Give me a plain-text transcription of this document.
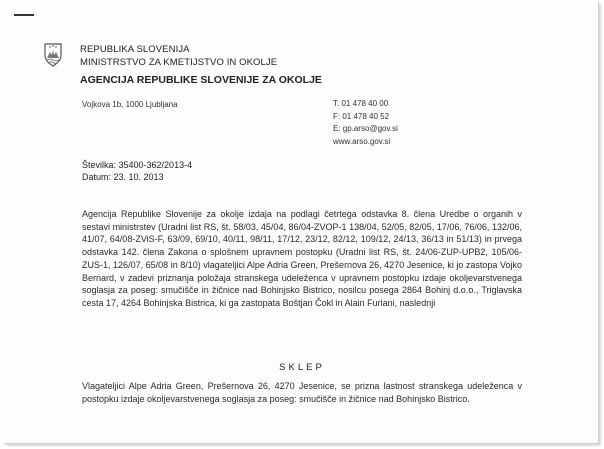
REPUBLIKA SLOVENIJA
MINISTRSTVO ZA KMETIJSTVO IN OKOLJE
AGENCIJA REPUBLIKE SLOVENIJE ZA OKOLJE
Vojkova 1b, 1000 Ljubljana	T: 01 478 40 00
F: 01 478 40 52
E: gp.arso@gov.si
www.arso.gov.si
Številka: 35400-362/2013-4
Datum: 23. 10. 2013
Agencija Republike Slovenije za okolje izdaja na podlagi četrtega odstavka 8. člena Uredbe o organih v sestavi ministrstev (Uradni list RS, št. 58/03, 45/04, 86/04-ZVOP-1 138/04, 52/05, 82/05, 17/06, 76/06, 132/06, 41/07, 64/08-ZViS-F, 63/09, 69/10, 40/11, 98/11, 17/12, 23/12, 82/12, 109/12, 24/13, 36/13 in 51/13) in prvega odstavka 142. člena Zakona o splošnem upravnem postopku (Uradni list RS, št. 24/06-ZUP-UPB2, 105/06-ZUS-1, 126/07, 65/08 in 8/10) vlagateljici Alpe Adria Green, Prešernova 26, 4270 Jesenice, ki jo zastopa Vojko Bernard, v zadevi priznanja položaja stranskega udeleženca v upravnem postopku izdaje okoljevarstvenega soglasja za poseg: smučišče in žičnice nad Bohinjsko Bistrico, nosilcu posega 2864 Bohinj d.o.o., Triglavska cesta 17, 4264 Bohinjska Bistrica, ki ga zastopata Boštjan Čokl in Alain Furlani, naslednji
SKLEP
Vlagateljici Alpe Adria Green, Prešernova 26, 4270 Jesenice, se prizna lastnost stranskega udeleženca v postopku izdaje okoljevarstvenega soglasja za poseg: smučišče in žičnice nad Bohinjsko Bistrico.
